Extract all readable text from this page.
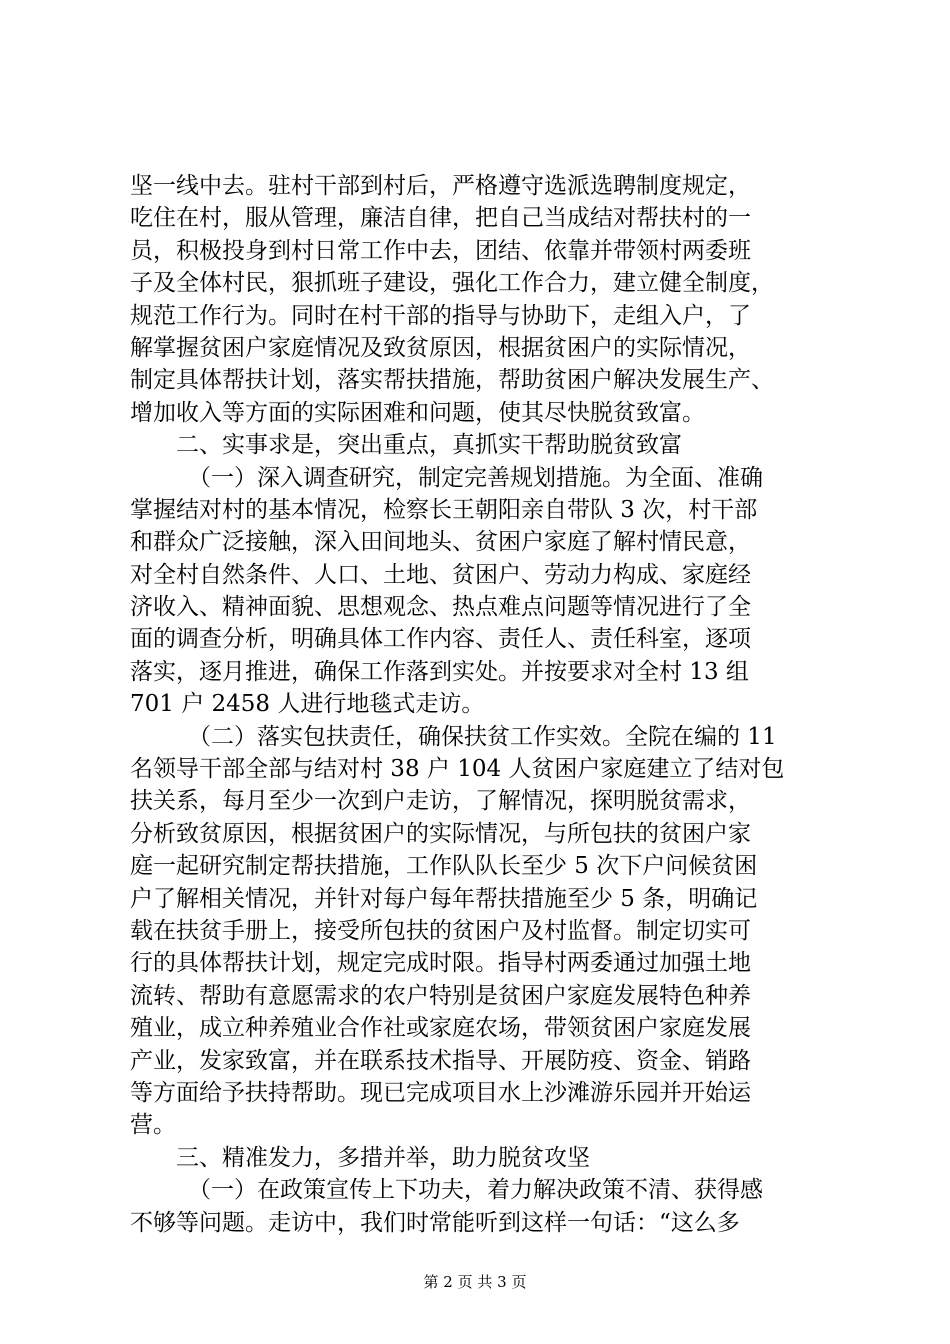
坚一线中去。驻村干部到村后，严格遵守选派选聘制度规定，
吃住在村，服从管理，廉洁自律，把自己当成结对帮扶村的一
员，积极投身到村日常工作中去，团结、依靠并带领村两委班
子及全体村民，狠抓班子建设，强化工作合力，建立健全制度，
规范工作行为。同时在村干部的指导与协助下，走组入户，了
解掌握贫困户家庭情况及致贫原因，根据贫困户的实际情况，
制定具体帮扶计划，落实帮扶措施，帮助贫困户解决发展生产、
增加收入等方面的实际困难和问题，使其尽快脱贫致富。
二、实事求是，突出重点，真抓实干帮助脱贫致富
（一）深入调查研究，制定完善规划措施。为全面、准确
掌握结对村的基本情况，检察长王朝阳亲自带队 3 次，村干部
和群众广泛接触，深入田间地头、贫困户家庭了解村情民意，
对全村自然条件、人口、土地、贫困户、劳动力构成、家庭经
济收入、精神面貌、思想观念、热点难点问题等情况进行了全
面的调查分析，明确具体工作内容、责任人、责任科室，逐项
落实，逐月推进，确保工作落到实处。并按要求对全村 13 组
701 户 2458 人进行地毯式走访。
（二）落实包扶责任，确保扶贫工作实效。全院在编的 11
名领导干部全部与结对村 38 户 104 人贫困户家庭建立了结对包
扶关系，每月至少一次到户走访，了解情况，探明脱贫需求，
分析致贫原因，根据贫困户的实际情况，与所包扶的贫困户家
庭一起研究制定帮扶措施，工作队队长至少 5 次下户问候贫困
户了解相关情况，并针对每户每年帮扶措施至少 5 条，明确记
载在扶贫手册上，接受所包扶的贫困户及村监督。制定切实可
行的具体帮扶计划，规定完成时限。指导村两委通过加强土地
流转、帮助有意愿需求的农户特别是贫困户家庭发展特色种养
殖业，成立种养殖业合作社或家庭农场，带领贫困户家庭发展
产业，发家致富，并在联系技术指导、开展防疫、资金、销路
等方面给予扶持帮助。现已完成项目水上沙滩游乐园并开始运
营。
三、精准发力，多措并举，助力脱贫攻坚
（一）在政策宣传上下功夫，着力解决政策不清、获得感
不够等问题。走访中，我们时常能听到这样一句话：“这么多
第 2 页 共 3 页
